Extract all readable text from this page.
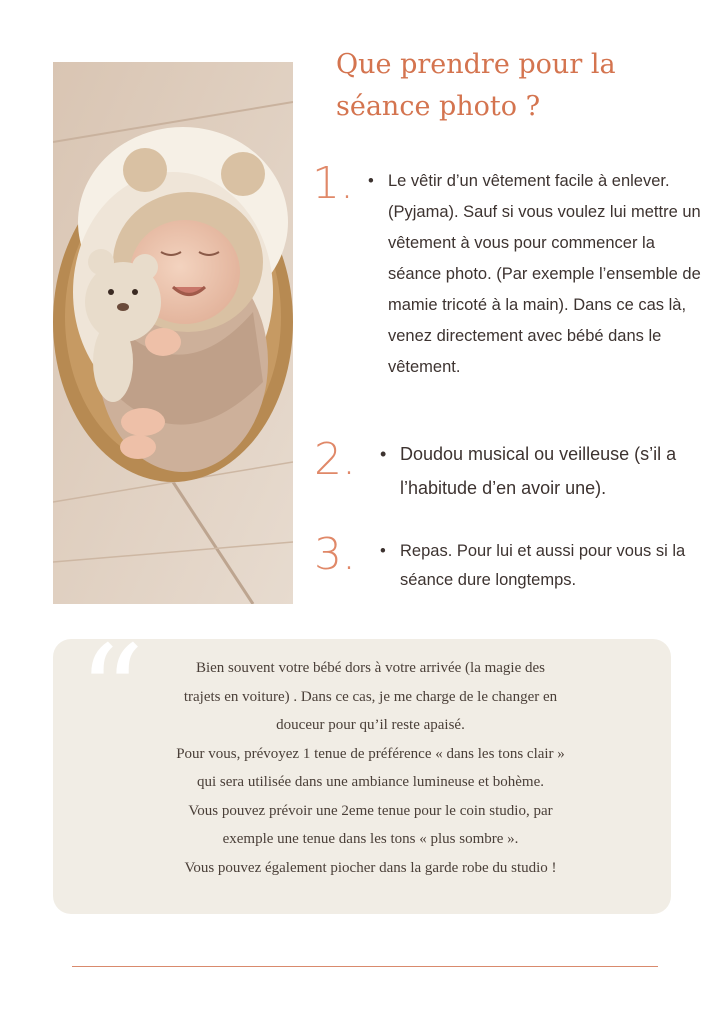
Que prendre pour la séance photo ?
1.	• Le vêtir d’un vêtement facile à enlever. (Pyjama). Sauf si vous voulez lui mettre un vêtement à vous pour commencer la séance photo. (Par exemple l’ensemble de mamie tricoté à la main). Dans ce cas là, venez directement avec bébé dans le vêtement.
2.	• Doudou musical ou veilleuse (s’il a l’habitude d’en avoir une).
3.	• Repas. Pour lui et aussi pour vous si la séance dure longtemps.
“	Bien souvent votre bébé dors à votre arrivée (la magie des
trajets en voiture) . Dans ce cas, je me charge de le changer en
douceur pour qu’il reste apaisé.
Pour vous, prévoyez 1 tenue de préférence « dans les tons clair »
qui sera utilisée dans une ambiance lumineuse et bohème.
Vous pouvez prévoir une 2eme tenue pour le coin studio, par
exemple une tenue dans les tons « plus sombre ».
Vous pouvez également piocher dans la garde robe du studio !
